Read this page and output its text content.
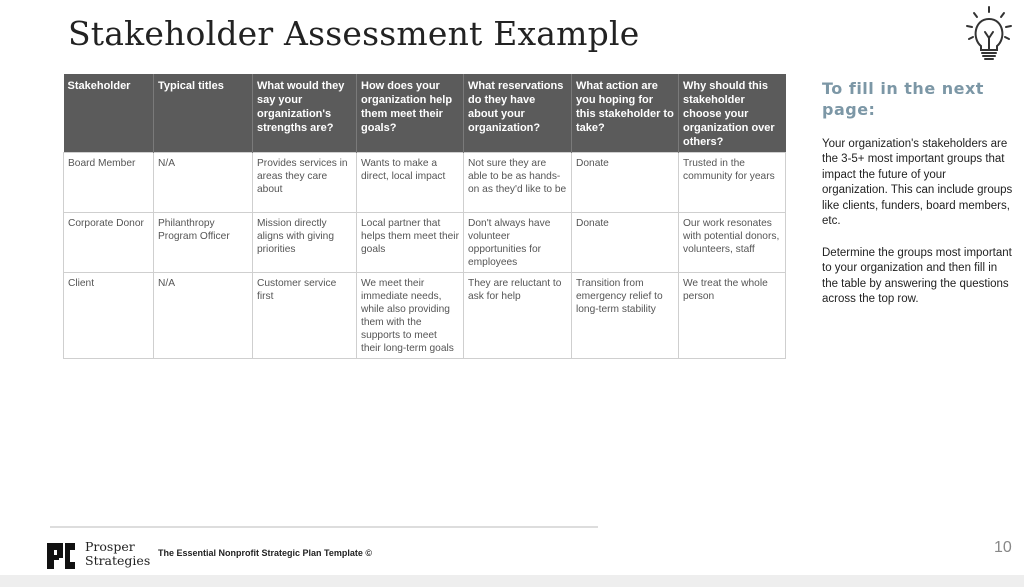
Stakeholder Assessment Example
Stakeholder	Typical titles	What would they say your organization's strengths are?	How does your organization help them meet their goals?	What reservations do they have about your organization?	What action are you hoping for this stakeholder to take?	Why should this stakeholder choose your organization over others?
Board Member	N/A	Provides services in areas they care about	Wants to make a direct, local impact	Not sure they are able to be as hands-on as they'd like to be	Donate	Trusted in the community for years
Corporate Donor	Philanthropy Program Officer	Mission directly aligns with giving priorities	Local partner that helps them meet their goals	Don't always have volunteer opportunities for employees	Donate	Our work resonates with potential donors, volunteers, staff
Client	N/A	Customer service first	We meet their immediate needs, while also providing them with the supports to meet their long-term goals	They are reluctant to ask for help	Transition from emergency relief to long-term stability	We treat the whole person
To fill in the next page:

Your organization's stakeholders are the 3-5+ most important groups that impact the future of your organization. This can include groups like clients, funders, board members, etc.

Determine the groups most important to your organization and then fill in the table by answering the questions across the top row.

Prosper
Strategies The Essential Nonprofit Strategic Plan Template ©	10
